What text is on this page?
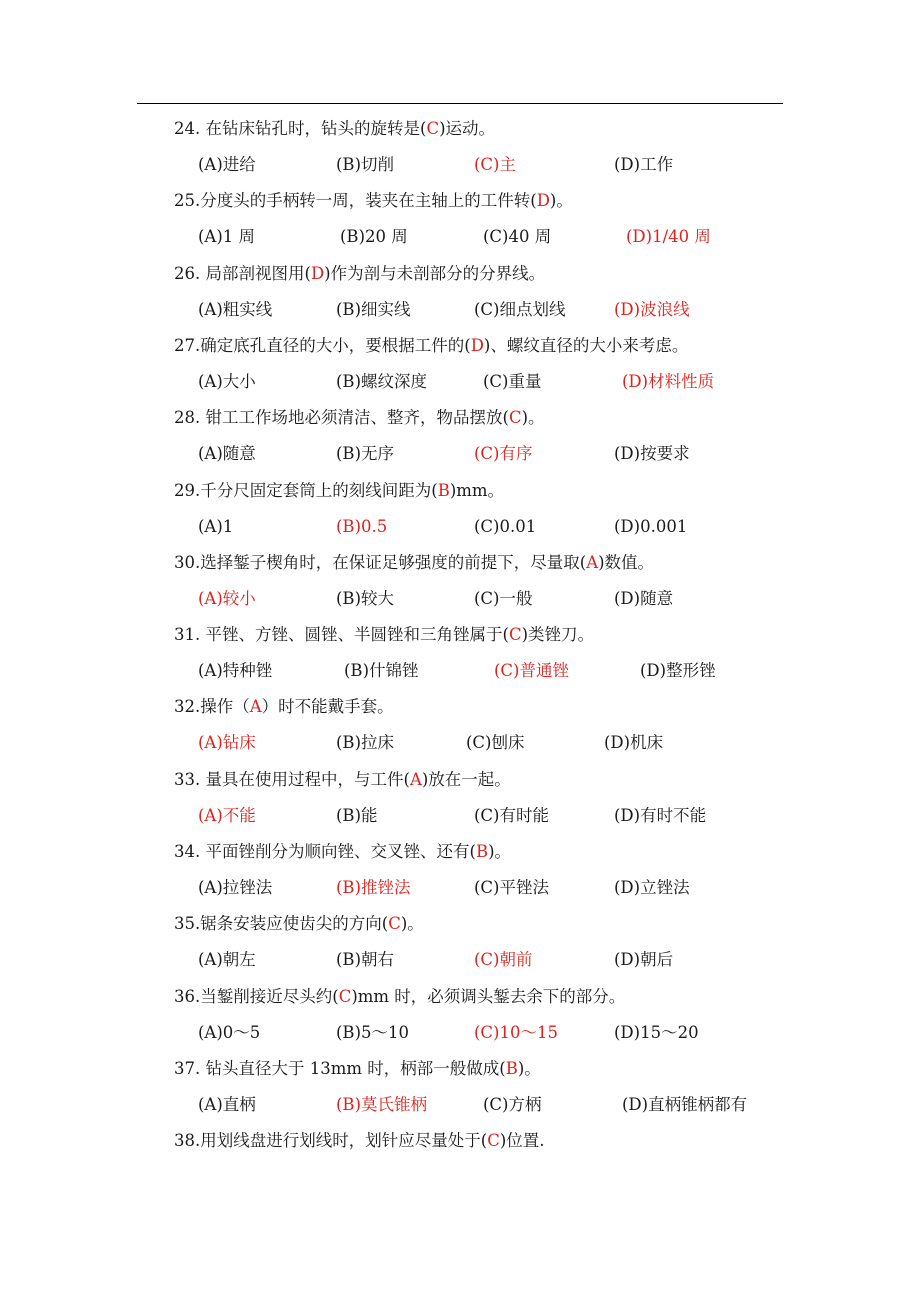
24. 在钻床钻孔时，钻头的旋转是(C)运动。
(A)进给	(B)切削	(C)主	(D)工作
25.分度头的手柄转一周，装夹在主轴上的工件转(D)。
(A)1 周	(B)20 周	(C)40 周	(D)1/40 周
26. 局部剖视图用(D)作为剖与未剖部分的分界线。
(A)粗实线	(B)细实线	(C)细点划线	(D)波浪线
27.确定底孔直径的大小，要根据工件的(D)、螺纹直径的大小来考虑。
(A)大小	(B)螺纹深度	(C)重量	(D)材料性质
28. 钳工工作场地必须清洁、整齐，物品摆放(C)。
(A)随意	(B)无序	(C)有序	(D)按要求
29.千分尺固定套筒上的刻线间距为(B)mm。
(A)1	(B)0.5	(C)0.01	(D)0.001
30.选择錾子楔角时，在保证足够强度的前提下，尽量取(A)数值。
(A)较小	(B)较大	(C)一般	(D)随意
31. 平锉、方锉、圆锉、半圆锉和三角锉属于(C)类锉刀。
(A)特种锉	(B)什锦锉	(C)普通锉	(D)整形锉
32.操作（A）时不能戴手套。
(A)钻床	(B)拉床	(C)刨床	(D)机床
33. 量具在使用过程中，与工件(A)放在一起。
(A)不能	(B)能	(C)有时能	(D)有时不能
34. 平面锉削分为顺向锉、交叉锉、还有(B)。
(A)拉锉法	(B)推锉法	(C)平锉法	(D)立锉法
35.锯条安装应使齿尖的方向(C)。
(A)朝左	(B)朝右	(C)朝前	(D)朝后
36.当錾削接近尽头约(C)mm 时，必须调头錾去余下的部分。
(A)0～5	(B)5～10	(C)10～15	(D)15～20
37. 钻头直径大于 13mm 时，柄部一般做成(B)。
(A)直柄	(B)莫氏锥柄	(C)方柄	(D)直柄锥柄都有
38.用划线盘进行划线时，划针应尽量处于(C)位置.
